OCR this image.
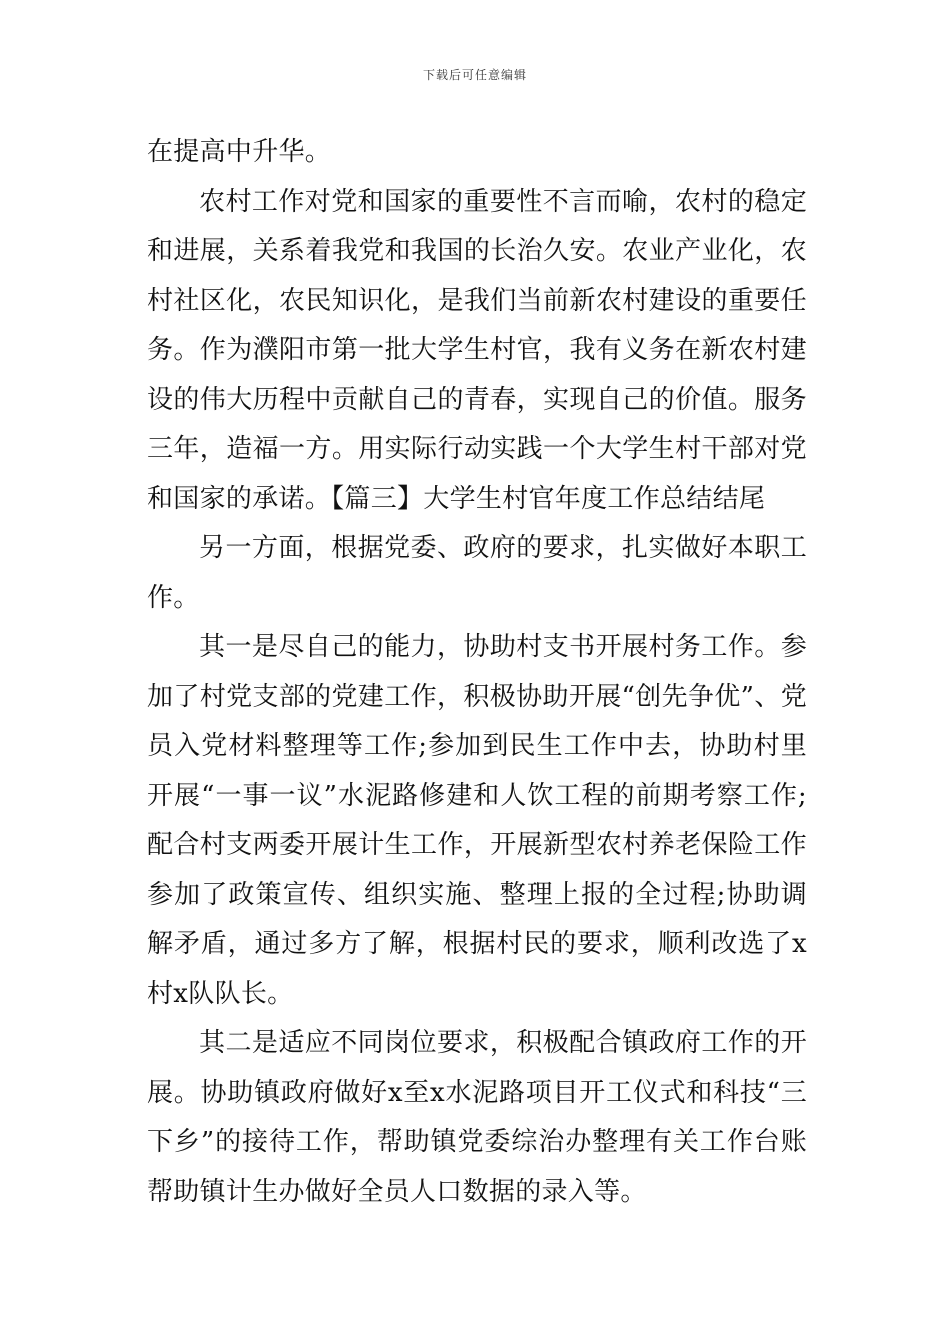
下载后可任意编辑

在提高中升华。

农村工作对党和国家的重要性不言而喻，农村的稳定和进展，关系着我党和我国的长治久安。农业产业化，农村社区化，农民知识化，是我们当前新农村建设的重要任务。作为濮阳市第一批大学生村官，我有义务在新农村建设的伟大历程中贡献自己的青春，实现自己的价值。服务三年，造福一方。用实际行动实践一个大学生村干部对党和国家的承诺。【篇三】大学生村官年度工作总结结尾

另一方面，根据党委、政府的要求，扎实做好本职工作。

其一是尽自己的能力，协助村支书开展村务工作。参加了村党支部的党建工作，积极协助开展“创先争优”、党员入党材料整理等工作;参加到民生工作中去，协助村里开展“一事一议”水泥路修建和人饮工程的前期考察工作;配合村支两委开展计生工作，开展新型农村养老保险工作参加了政策宣传、组织实施、整理上报的全过程;协助调解矛盾，通过多方了解，根据村民的要求，顺利改选了x村x队队长。

其二是适应不同岗位要求，积极配合镇政府工作的开展。协助镇政府做好x至x水泥路项目开工仪式和科技“三下乡”的接待工作，帮助镇党委综治办整理有关工作台账帮助镇计生办做好全员人口数据的录入等。
